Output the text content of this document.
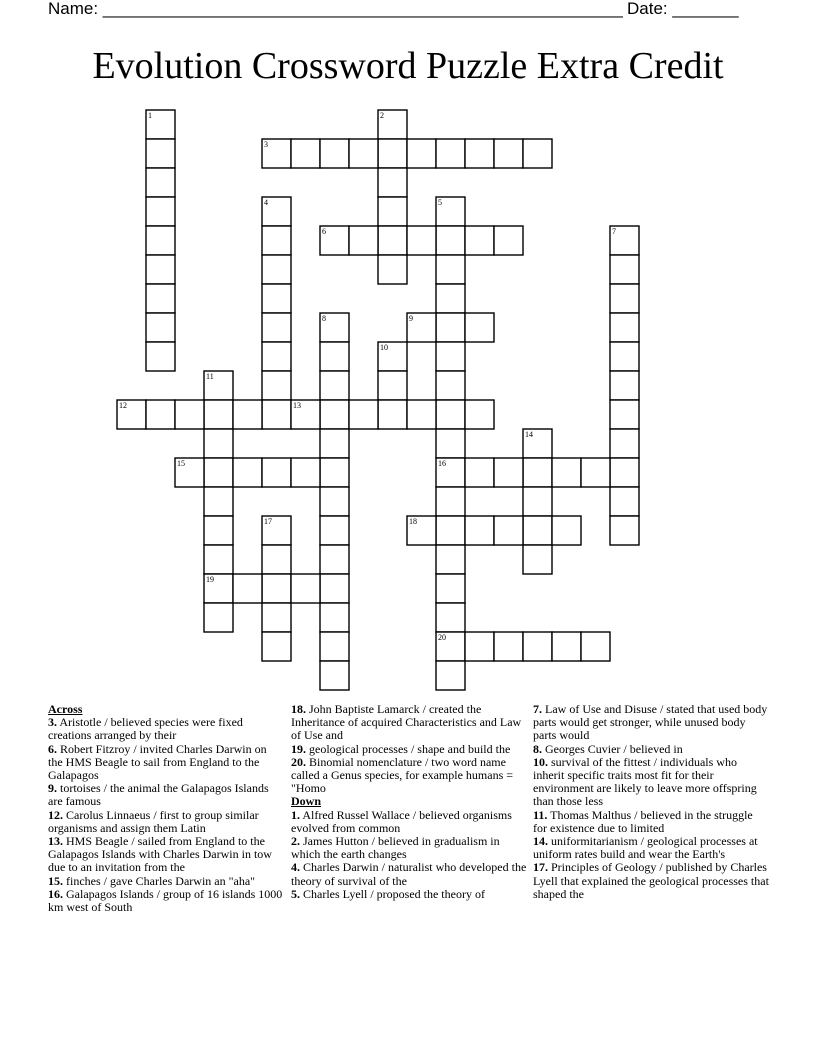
Name: _______________________________________________________ Date: _______
Evolution Crossword Puzzle Extra Credit
1	2
3
4	5
6	7
8	9
10
11
12	13
14
15	16
17	18
19
20
Across
3. Aristotle / believed species were fixed creations arranged by their
6. Robert Fitzroy / invited Charles Darwin on the HMS Beagle to sail from England to the Galapagos
9. tortoises / the animal the Galapagos Islands are famous
12. Carolus Linnaeus / first to group similar organisms and assign them Latin
13. HMS Beagle / sailed from England to the Galapagos Islands with Charles Darwin in tow due to an invitation from the
15. finches / gave Charles Darwin an "aha"
16. Galapagos Islands / group of 16 islands 1000 km west of South
18. John Baptiste Lamarck / created the Inheritance of acquired Characteristics and Law of Use and
19. geological processes / shape and build the
20. Binomial nomenclature / two word name called a Genus species, for example humans = "Homo
Down
1. Alfred Russel Wallace / believed organisms evolved from common
2. James Hutton / believed in gradualism in which the earth changes
4. Charles Darwin / naturalist who developed the theory of survival of the
5. Charles Lyell / proposed the theory of
7. Law of Use and Disuse / stated that used body parts would get stronger, while unused body parts would
8. Georges Cuvier / believed in
10. survival of the fittest / individuals who inherit specific traits most fit for their environment are likely to leave more offspring than those less
11. Thomas Malthus / believed in the struggle for existence due to limited
14. uniformitarianism / geological processes at uniform rates build and wear the Earth's
17. Principles of Geology / published by Charles Lyell that explained the geological processes that shaped the
